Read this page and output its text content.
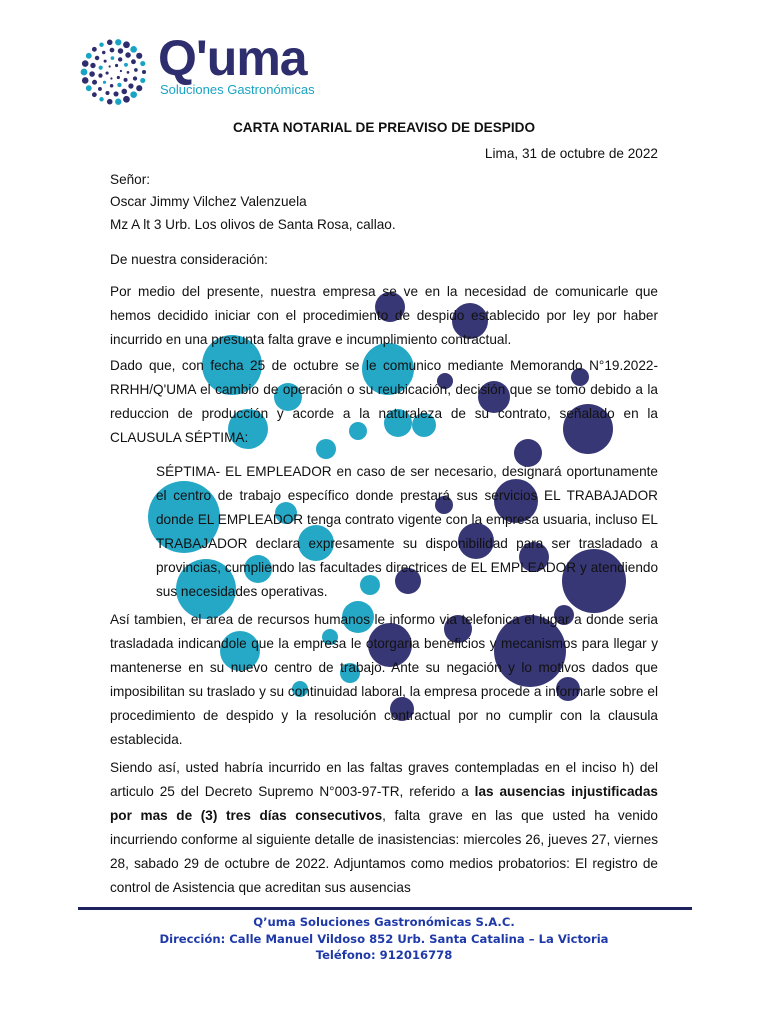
Q'uma
Soluciones Gastronómicas
CARTA NOTARIAL DE PREAVISO DE DESPIDO
Lima, 31 de octubre de 2022
Señor:
Oscar Jimmy Vilchez Valenzuela
Mz A lt 3 Urb. Los olivos de Santa Rosa, callao.
De nuestra consideración:
Por medio del presente, nuestra empresa se ve en la necesidad de comunicarle que hemos decidido iniciar con el procedimiento de despido establecido por ley por haber incurrido en una presunta falta grave e incumplimiento contractual.
Dado que, con fecha 25 de octubre se le comunico mediante Memorando N°19.2022-RRHH/Q'UMA el cambio de operación o su reubicación, decisión que se tomo debido a la reduccion de producción y acorde a la naturaleza de su contrato, señalado en la CLAUSULA SÉPTIMA:
SÉPTIMA- EL EMPLEADOR en caso de ser necesario, designará oportunamente el centro de trabajo específico donde prestará sus servicios EL TRABAJADOR donde EL EMPLEADOR tenga contrato vigente con la empresa usuaria, incluso EL TRABAJADOR declara expresamente su disponibilidad para ser trasladado a provincias, cumpliendo las facultades directrices de EL EMPLEADOR y atendiendo sus necesidades operativas.
Así tambien, el area de recursos humanos le informo via telefonica el lugar a donde seria trasladada indicandole que la empresa le otorgaria beneficios y mecanismos para llegar y mantenerse en su nuevo centro de trabajo. Ante su negación y lo motivos dados que imposibilitan su traslado y su continuidad laboral, la empresa procede a informarle sobre el procedimiento de despido y la resolución contractual por no cumplir con la clausula establecida.
Siendo así, usted habría incurrido en las faltas graves contempladas en el inciso h) del articulo 25 del Decreto Supremo N°003-97-TR, referido a las ausencias injustificadas por mas de (3) tres días consecutivos, falta grave en las que usted ha venido incurriendo conforme al siguiente detalle de inasistencias: miercoles 26, jueves 27, viernes 28, sabado 29 de octubre de 2022. Adjuntamos como medios probatorios: El registro de control de Asistencia que acreditan sus ausencias
Q’uma Soluciones Gastronómicas S.A.C.
Dirección: Calle Manuel Vildoso 852 Urb. Santa Catalina – La Victoria
Teléfono: 912016778
